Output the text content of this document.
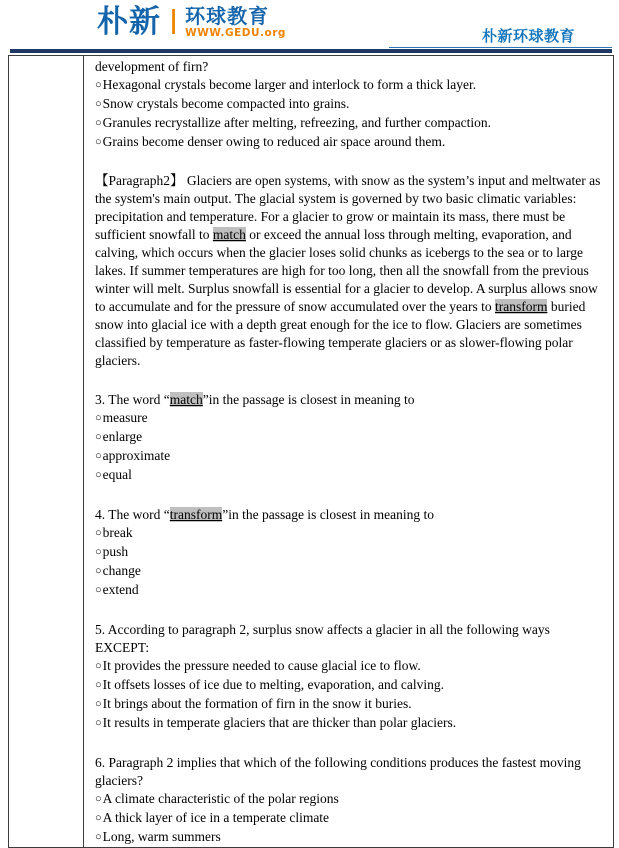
朴新 | 环球教育
WWW.GEDU.org	朴新环球教育

development of firn?

○Hexagonal crystals become larger and interlock to form a thick layer.

○Snow crystals become compacted into grains.

○Granules recrystallize after melting, refreezing, and further compaction.

○Grains become denser owing to reduced air space around them.

【Paragraph2】 Glaciers are open systems, with snow as the system’s input and meltwater as the system's main output. The glacial system is governed by two basic climatic variables: precipitation and temperature. For a glacier to grow or maintain its mass, there must be sufficient snowfall to match or exceed the annual loss through melting, evaporation, and calving, which occurs when the glacier loses solid chunks as icebergs to the sea or to large lakes. If summer temperatures are high for too long, then all the snowfall from the previous winter will melt. Surplus snowfall is essential for a glacier to develop. A surplus allows snow to accumulate and for the pressure of snow accumulated over the years to transform buried snow into glacial ice with a depth great enough for the ice to flow. Glaciers are sometimes classified by temperature as faster-flowing temperate glaciers or as slower-flowing polar glaciers.

3. The word “match”in the passage is closest in meaning to

○measure

○enlarge

○approximate

○equal

4. The word “transform”in the passage is closest in meaning to

○break

○push

○change

○extend

5. According to paragraph 2, surplus snow affects a glacier in all the following ways EXCEPT:

○It provides the pressure needed to cause glacial ice to flow.

○It offsets losses of ice due to melting, evaporation, and calving.

○It brings about the formation of firn in the snow it buries.

○It results in temperate glaciers that are thicker than polar glaciers.

6. Paragraph 2 implies that which of the following conditions produces the fastest moving glaciers?

○A climate characteristic of the polar regions

○A thick layer of ice in a temperate climate

○Long, warm summers
